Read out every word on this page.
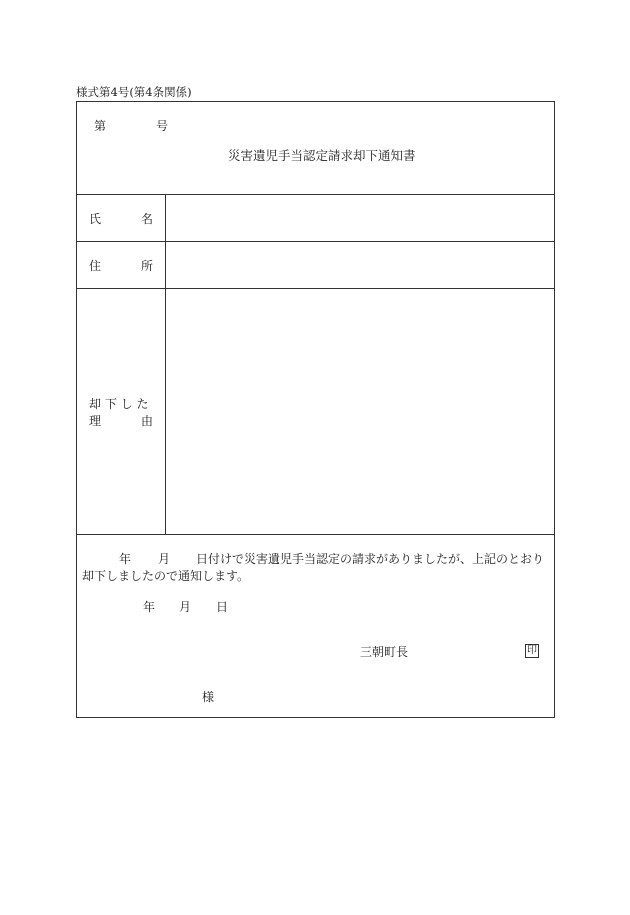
様式第4号(第4条関係)
第	号
災害遺児手当認定請求却下通知書
氏	名
住	所
却 下 し た
理	由
年 月 日付けで災害遺児手当認定の請求がありましたが、上記のとおり却下しましたので通知します。
年 月 日
三朝町長	印
様
